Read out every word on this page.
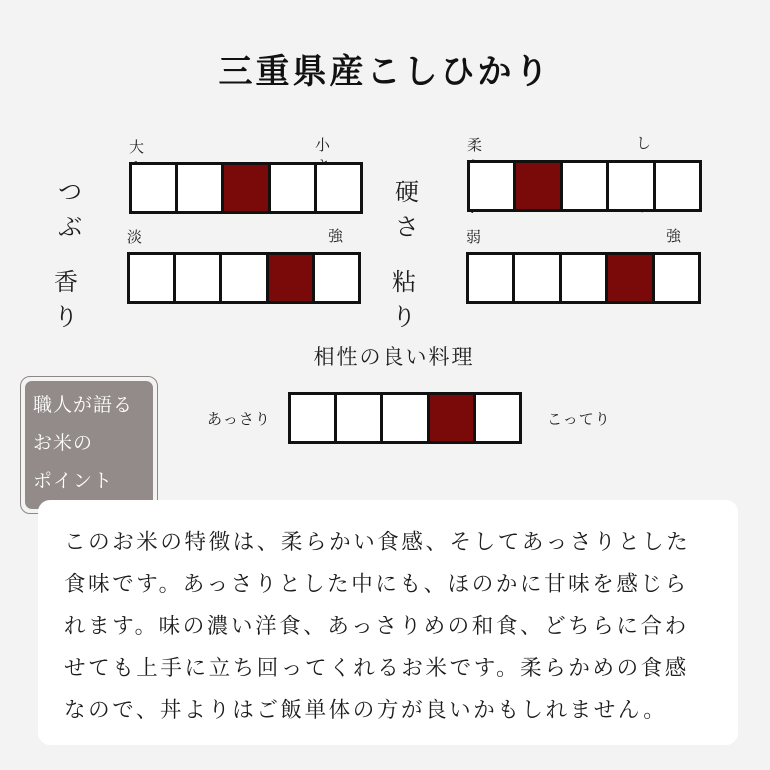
三重県産こしひかり
つぶ
大	小
硬さ
柔	し
香り
淡	強
粘り
弱	強
相性の良い料理
あっさり	こってり
職人が語る
お米の
ポイント

このお米の特徴は、柔らかい食感、そしてあっさりとした

食味です。あっさりとした中にも、ほのかに甘味を感じら

れます。味の濃い洋食、あっさりめの和食、どちらに合わ

せても上手に立ち回ってくれるお米です。柔らかめの食感

なので、丼よりはご飯単体の方が良いかもしれません。
